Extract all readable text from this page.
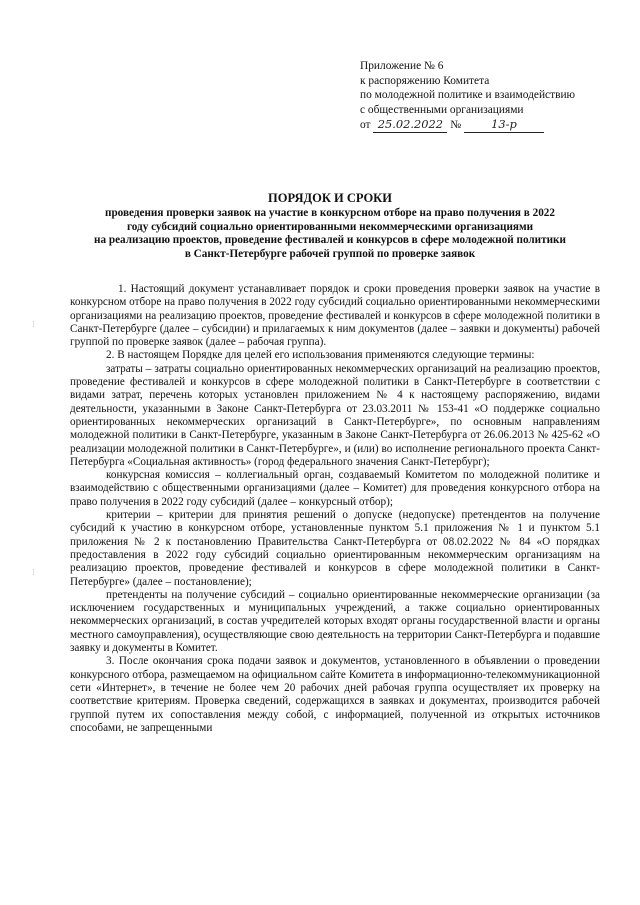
Приложение № 6
к распоряжению Комитета
по молодежной политике и взаимодействию
с общественными организациями
от 25.02.2022 №	13-р
ПОРЯДОК И СРОКИ
проведения проверки заявок на участие в конкурсном отборе на право получения в 2022
году субсидий социально ориентированными некоммерческими организациями
на реализацию проектов, проведение фестивалей и конкурсов в сфере молодежной политики
в Санкт-Петербурге рабочей группой по проверке заявок

1. Настоящий документ устанавливает порядок и сроки проведения проверки заявок на участие в конкурсном отборе на право получения в 2022 году субсидий социально ориентированными некоммерческими организациями на реализацию проектов, проведение фестивалей и конкурсов в сфере молодежной политики в Санкт-Петербурге (далее – субсидии) и прилагаемых к ним документов (далее – заявки и документы) рабочей группой по проверке заявок (далее – рабочая группа).

2. В настоящем Порядке для целей его использования применяются следующие термины:

затраты – затраты социально ориентированных некоммерческих организаций на реализацию проектов, проведение фестивалей и конкурсов в сфере молодежной политики в Санкт-Петербурге в соответствии с видами затрат, перечень которых установлен приложением № 4 к настоящему распоряжению, видами деятельности, указанными в Законе Санкт-Петербурга от 23.03.2011 № 153-41 «О поддержке социально ориентированных некоммерческих организаций в Санкт-Петербурге», по основным направлениям молодежной политики в Санкт-Петербурге, указанным в Законе Санкт-Петербурга от 26.06.2013 № 425-62 «О реализации молодежной политики в Санкт-Петербурге», и (или) во исполнение регионального проекта Санкт-Петербурга «Социальная активность» (город федерального значения Санкт-Петербург);

конкурсная комиссия – коллегиальный орган, создаваемый Комитетом по молодежной политике и взаимодействию с общественными организациями (далее – Комитет) для проведения конкурсного отбора на право получения в 2022 году субсидий (далее – конкурсный отбор);

критерии – критерии для принятия решений о допуске (недопуске) претендентов на получение субсидий к участию в конкурсном отборе, установленные пунктом 5.1 приложения № 1 и пунктом 5.1 приложения № 2 к постановлению Правительства Санкт-Петербурга от 08.02.2022 № 84 «О порядках предоставления в 2022 году субсидий социально ориентированным некоммерческим организациям на реализацию проектов, проведение фестивалей и конкурсов в сфере молодежной политики в Санкт-Петербурге» (далее – постановление);

претенденты на получение субсидий – социально ориентированные некоммерческие организации (за исключением государственных и муниципальных учреждений, а также социально ориентированных некоммерческих организаций, в состав учредителей которых входят органы государственной власти и органы местного самоуправления), осуществляющие свою деятельность на территории Санкт-Петербурга и подавшие заявку и документы в Комитет.

3. После окончания срока подачи заявок и документов, установленного в объявлении о проведении конкурсного отбора, размещаемом на официальном сайте Комитета в информационно-телекоммуникационной сети «Интернет», в течение не более чем 20 рабочих дней рабочая группа осуществляет их проверку на соответствие критериям. Проверка сведений, содержащихся в заявках и документах, производится рабочей группой путем их сопоставления между собой, с информацией, полученной из открытых источников способами, не запрещенными

⁝
⁝
